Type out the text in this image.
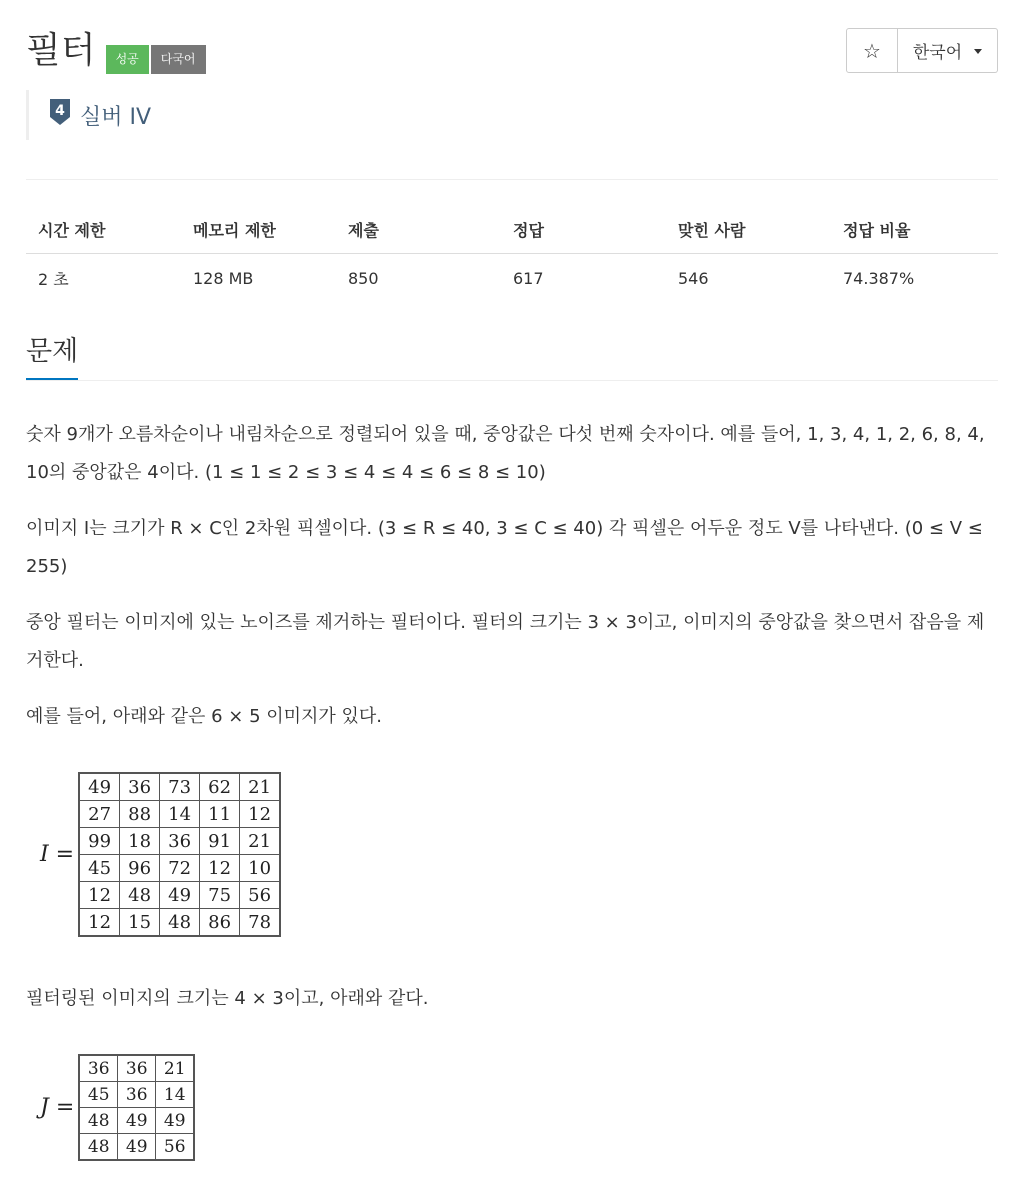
필터	성공	다국어	☆ 한국어
4 실버 IV
시간 제한	메모리 제한	제출	정답	맞힌 사람	정답 비율
2 초	128 MB	850	617	546	74.387%
문제

숫자 9개가 오름차순이나 내림차순으로 정렬되어 있을 때, 중앙값은 다섯 번째 숫자이다. 예를 들어, 1, 3, 4, 1, 2, 6, 8, 4, 10의 중앙값은 4이다. (1 ≤ 1 ≤ 2 ≤ 3 ≤ 4 ≤ 4 ≤ 6 ≤ 8 ≤ 10)

이미지 I는 크기가 R × C인 2차원 픽셀이다. (3 ≤ R ≤ 40, 3 ≤ C ≤ 40) 각 픽셀은 어두운 정도 V를 나타낸다. (0 ≤ V ≤ 255)

중앙 필터는 이미지에 있는 노이즈를 제거하는 필터이다. 필터의 크기는 3 × 3이고, 이미지의 중앙값을 찾으면서 잡음을 제거한다.

예를 들어, 아래와 같은 6 × 5 이미지가 있다.

I =
49	36	73	62	21
27	88	14	11	12
99	18	36	91	21
45	96	72	12	10
12	48	49	75	56
12	15	48	86	78

필터링된 이미지의 크기는 4 × 3이고, 아래와 같다.

J =
36	36	21
45	36	14
48	49	49
48	49	56
